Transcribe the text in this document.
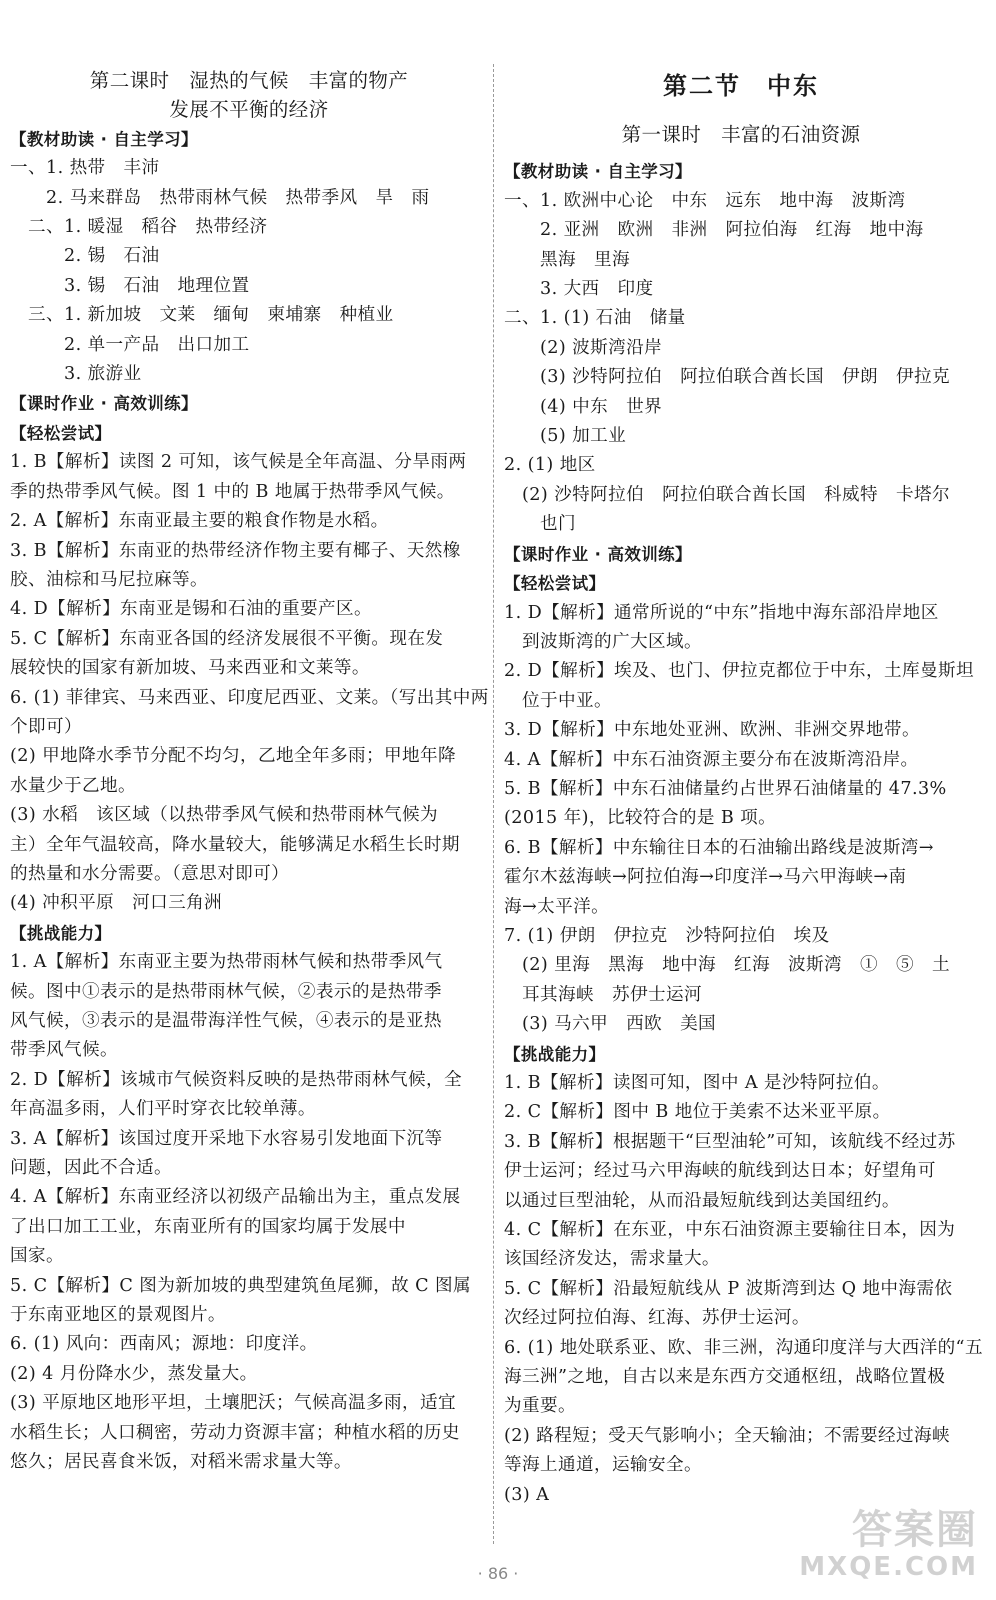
第二课时　湿热的气候　丰富的物产
发展不平衡的经济
【教材助读 · 自主学习】
一、1. 热带　丰沛
　　2. 马来群岛　热带雨林气候　热带季风　旱　雨
　二、1. 暖湿　稻谷　热带经济
　　　2. 锡　石油
　　　3. 锡　石油　地理位置
　三、1. 新加坡　文莱　缅甸　柬埔寨　种植业
　　　2. 单一产品　出口加工
　　　3. 旅游业
【课时作业 · 高效训练】
【轻松尝试】
1. B【解析】读图 2 可知，该气候是全年高温、分旱雨两
季的热带季风气候。图 1 中的 B 地属于热带季风气候。
2. A【解析】东南亚最主要的粮食作物是水稻。
3. B【解析】东南亚的热带经济作物主要有椰子、天然橡
胶、油棕和马尼拉麻等。
4. D【解析】东南亚是锡和石油的重要产区。
5. C【解析】东南亚各国的经济发展很不平衡。现在发
展较快的国家有新加坡、马来西亚和文莱等。
6. (1) 菲律宾、马来西亚、印度尼西亚、文莱。（写出其中两
个即可）
(2) 甲地降水季节分配不均匀，乙地全年多雨；甲地年降
水量少于乙地。
(3) 水稻　该区域（以热带季风气候和热带雨林气候为
主）全年气温较高，降水量较大，能够满足水稻生长时期
的热量和水分需要。（意思对即可）
(4) 冲积平原　河口三角洲
【挑战能力】
1. A【解析】东南亚主要为热带雨林气候和热带季风气
候。图中①表示的是热带雨林气候，②表示的是热带季
风气候，③表示的是温带海洋性气候，④表示的是亚热
带季风气候。
2. D【解析】该城市气候资料反映的是热带雨林气候，全
年高温多雨，人们平时穿衣比较单薄。
3. A【解析】该国过度开采地下水容易引发地面下沉等
问题，因此不合适。
4. A【解析】东南亚经济以初级产品输出为主，重点发展
了出口加工工业，东南亚所有的国家均属于发展中
国家。
5. C【解析】C 图为新加坡的典型建筑鱼尾狮，故 C 图属
于东南亚地区的景观图片。
6. (1) 风向：西南风；源地：印度洋。
(2) 4 月份降水少，蒸发量大。
(3) 平原地区地形平坦，土壤肥沃；气候高温多雨，适宜
水稻生长；人口稠密，劳动力资源丰富；种植水稻的历史
悠久；居民喜食米饭，对稻米需求量大等。
第二节　中东
第一课时　丰富的石油资源
【教材助读 · 自主学习】
一、1. 欧洲中心论　中东　远东　地中海　波斯湾
　　2. 亚洲　欧洲　非洲　阿拉伯海　红海　地中海
　　黑海　里海
　　3. 大西　印度
二、1. (1) 石油　储量
　　(2) 波斯湾沿岸
　　(3) 沙特阿拉伯　阿拉伯联合酋长国　伊朗　伊拉克
　　(4) 中东　世界
　　(5) 加工业
2. (1) 地区
　(2) 沙特阿拉伯　阿拉伯联合酋长国　科威特　卡塔尔
　　也门
【课时作业 · 高效训练】
【轻松尝试】
1. D【解析】通常所说的“中东”指地中海东部沿岸地区
　到波斯湾的广大区域。
2. D【解析】埃及、也门、伊拉克都位于中东，土库曼斯坦
　位于中亚。
3. D【解析】中东地处亚洲、欧洲、非洲交界地带。
4. A【解析】中东石油资源主要分布在波斯湾沿岸。
5. B【解析】中东石油储量约占世界石油储量的 47.3%
(2015 年)，比较符合的是 B 项。
6. B【解析】中东输往日本的石油输出路线是波斯湾→
霍尔木兹海峡→阿拉伯海→印度洋→马六甲海峡→南
海→太平洋。
7. (1) 伊朗　伊拉克　沙特阿拉伯　埃及
　(2) 里海　黑海　地中海　红海　波斯湾　①　⑤　土
　耳其海峡　苏伊士运河
　(3) 马六甲　西欧　美国
【挑战能力】
1. B【解析】读图可知，图中 A 是沙特阿拉伯。
2. C【解析】图中 B 地位于美索不达米亚平原。
3. B【解析】根据题干“巨型油轮”可知，该航线不经过苏
伊士运河；经过马六甲海峡的航线到达日本；好望角可
以通过巨型油轮，从而沿最短航线到达美国纽约。
4. C【解析】在东亚，中东石油资源主要输往日本，因为
该国经济发达，需求量大。
5. C【解析】沿最短航线从 P 波斯湾到达 Q 地中海需依
次经过阿拉伯海、红海、苏伊士运河。
6. (1) 地处联系亚、欧、非三洲，沟通印度洋与大西洋的“五
海三洲”之地，自古以来是东西方交通枢纽，战略位置极
为重要。
(2) 路程短；受天气影响小；全天输油；不需要经过海峡
等海上通道，运输安全。
(3) A
· 86 ·
答案圈
MXQE.COM
